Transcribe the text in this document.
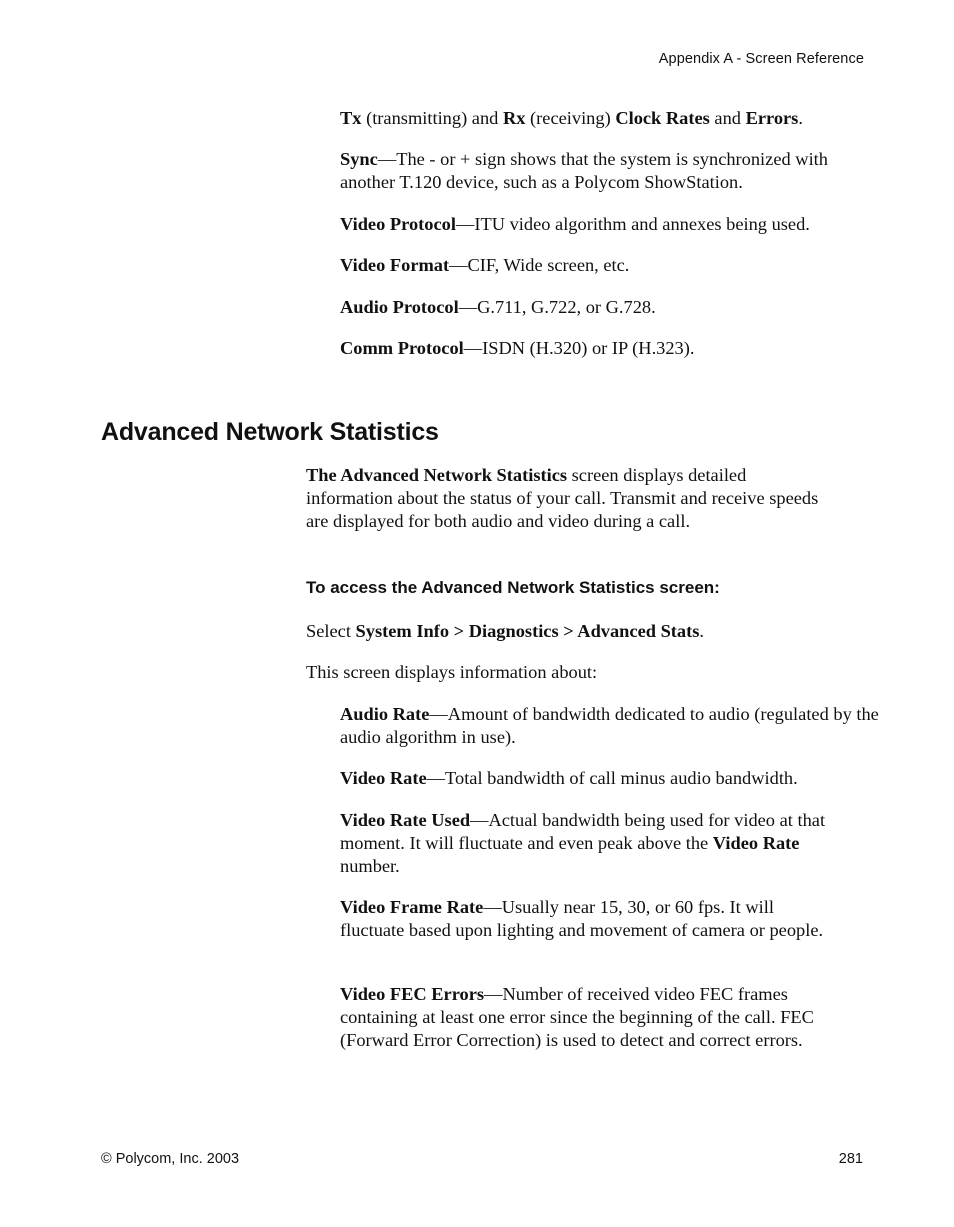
Appendix A - Screen Reference

Tx (transmitting) and Rx (receiving) Clock Rates and Errors.

Sync—The - or + sign shows that the system is synchronized with another T.120 device, such as a Polycom ShowStation.

Video Protocol—ITU video algorithm and annexes being used.

Video Format—CIF, Wide screen, etc.

Audio Protocol—G.711, G.722, or G.728.

Comm Protocol—ISDN (H.320) or IP (H.323).

Advanced Network Statistics

The Advanced Network Statistics screen displays detailed information about the status of your call. Transmit and receive speeds are displayed for both audio and video during a call.

To access the Advanced Network Statistics screen:

Select System Info > Diagnostics > Advanced Stats.

This screen displays information about:

Audio Rate—Amount of bandwidth dedicated to audio (regulated by the audio algorithm in use).

Video Rate—Total bandwidth of call minus audio bandwidth.

Video Rate Used—Actual bandwidth being used for video at that moment. It will fluctuate and even peak above the Video Rate number.

Video Frame Rate—Usually near 15, 30, or 60 fps. It will fluctuate based upon lighting and movement of camera or people.

Video FEC Errors—Number of received video FEC frames containing at least one error since the beginning of the call. FEC (Forward Error Correction) is used to detect and correct errors.

© Polycom, Inc. 2003	281
